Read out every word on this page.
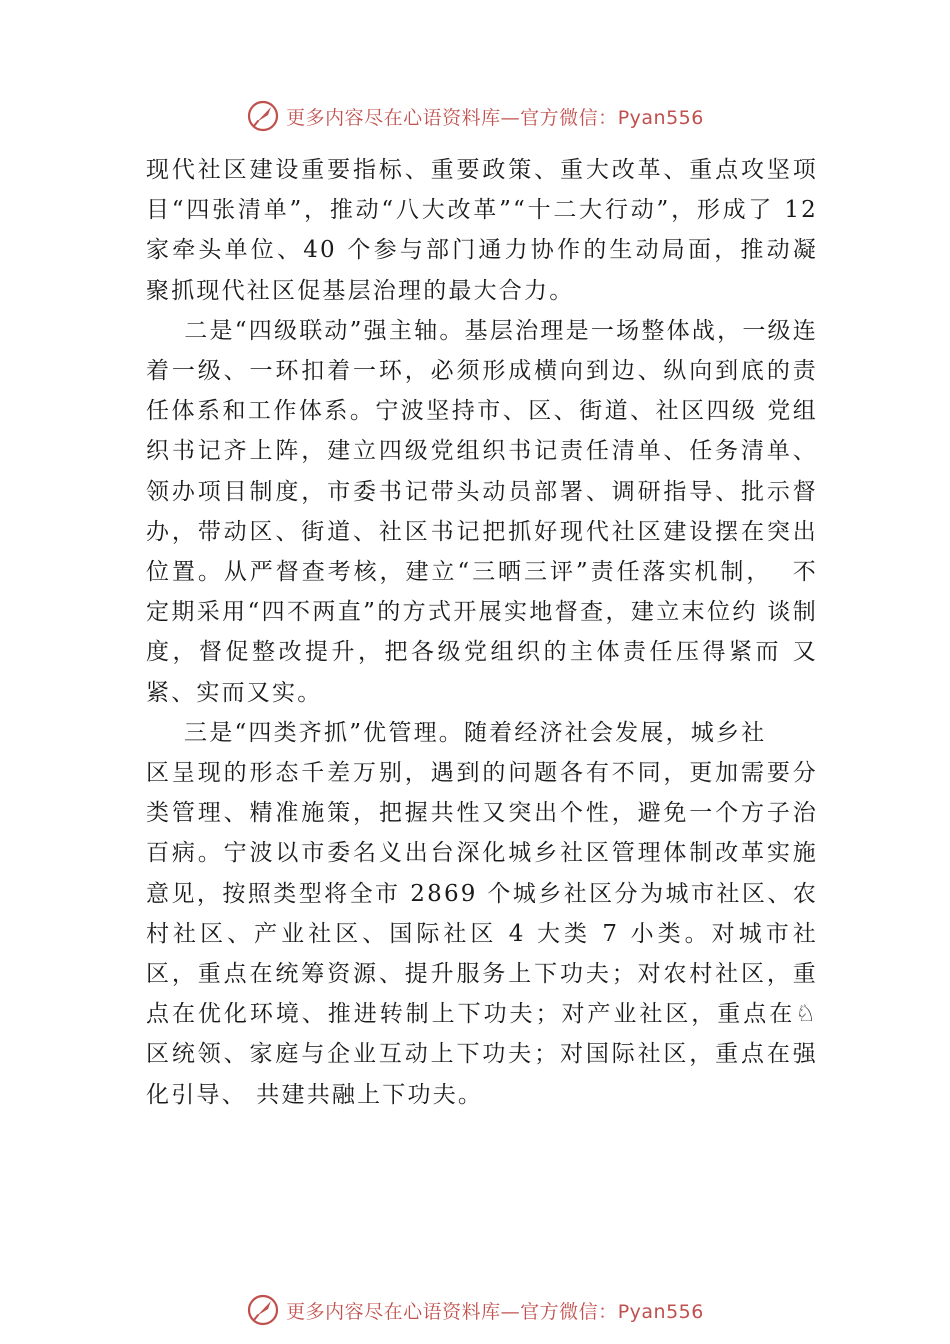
更多内容尽在心语资料库—官方微信：Pyan556

现代社区建设重要指标、重要政策、重大改革、重点攻坚项目“四张清单”，推动“八大改革”“十二大行动”，形成了 12家牵头单位、40 个参与部门通力协作的生动局面，推动凝聚抓现代社区促基层治理的最大合力。

二是“四级联动”强主轴。基层治理是一场整体战，一级连着一级、一环扣着一环，必须形成横向到边、纵向到底的责任体系和工作体系。宁波坚持市、区、街道、社区四级 党组织书记齐上阵，建立四级党组织书记责任清单、任务清单、领办项目制度，市委书记带头动员部署、调研指导、批示督办，带动区、街道、社区书记把抓好现代社区建设摆在突出位置。从严督查考核，建立“三晒三评”责任落实机制，  不定期采用“四不两直”的方式开展实地督查，建立末位约 谈制度，督促整改提升，把各级党组织的主体责任压得紧而 又紧、实而又实。

三是“四类齐抓”优管理。随着经济社会发展，城乡社
区呈现的形态千差万别，遇到的问题各有不同，更加需要分类管理、精准施策，把握共性又突出个性，避免一个方子治百病。宁波以市委名义出台深化城乡社区管理体制改革实施意见，按照类型将全市 2869 个城乡社区分为城市社区、农村社区、产业社区、国际社区 4 大类 7 小类。对城市社区，重点在统筹资源、提升服务上下功夫；对农村社区，重点在优化环境、推进转制上下功夫；对产业社区，重点在♘区统领、家庭与企业互动上下功夫；对国际社区，重点在强化引导、 共建共融上下功夫。

更多内容尽在心语资料库—官方微信：Pyan556
